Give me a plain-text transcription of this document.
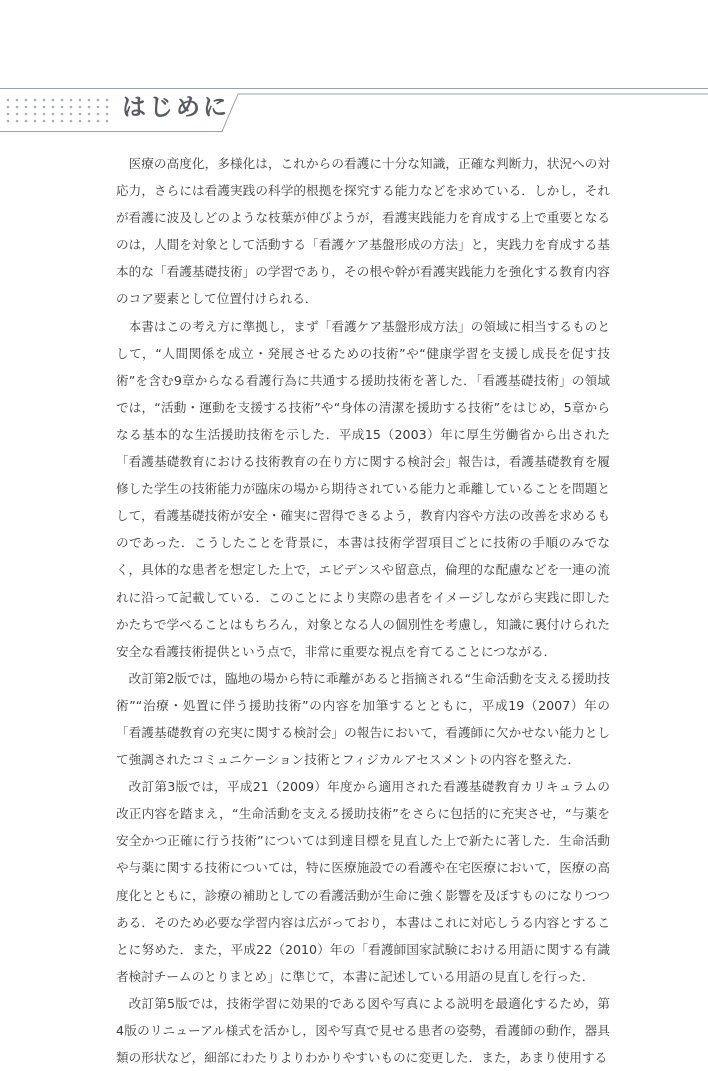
はじめに

医療の高度化，多様化は，これからの看護に十分な知識，正確な判断力，状況への対応力，さらには看護実践の科学的根拠を探究する能力などを求めている．しかし，それが看護に波及しどのような枝葉が伸びようが，看護実践能力を育成する上で重要となるのは，人間を対象として活動する「看護ケア基盤形成の方法」と，実践力を育成する基本的な「看護基礎技術」の学習であり，その根や幹が看護実践能力を強化する教育内容のコア要素として位置付けられる．

本書はこの考え方に準拠し，まず「看護ケア基盤形成方法」の領域に相当するものとして，“人間関係を成立・発展させるための技術”や“健康学習を支援し成長を促す技術”を含む9章からなる看護行為に共通する援助技術を著した．「看護基礎技術」の領域では，“活動・運動を支援する技術”や“身体の清潔を援助する技術”をはじめ，5章からなる基本的な生活援助技術を示した．平成15（2003）年に厚生労働省から出された「看護基礎教育における技術教育の在り方に関する検討会」報告は，看護基礎教育を履修した学生の技術能力が臨床の場から期待されている能力と乖離していることを問題として，看護基礎技術が安全・確実に習得できるよう，教育内容や方法の改善を求めるものであった．こうしたことを背景に，本書は技術学習項目ごとに技術の手順のみでなく，具体的な患者を想定した上で，エビデンスや留意点，倫理的な配慮などを一連の流れに沿って記載している．このことにより実際の患者をイメージしながら実践に即したかたちで学べることはもちろん，対象となる人の個別性を考慮し，知識に裏付けられた安全な看護技術提供という点で，非常に重要な視点を育てることにつながる．

改訂第2版では，臨地の場から特に乖離があると指摘される“生命活動を支える援助技術”“治療・処置に伴う援助技術”の内容を加筆するとともに，平成19（2007）年の「看護基礎教育の充実に関する検討会」の報告において，看護師に欠かせない能力として強調されたコミュニケーション技術とフィジカルアセスメントの内容を整えた．

改訂第3版では，平成21（2009）年度から適用された看護基礎教育カリキュラムの改正内容を踏まえ，“生命活動を支える援助技術”をさらに包括的に充実させ，“与薬を安全かつ正確に行う技術”については到達目標を見直した上で新たに著した．生命活動や与薬に関する技術については，特に医療施設での看護や在宅医療において，医療の高度化とともに，診療の補助としての看護活動が生命に強く影響を及ぼすものになりつつある．そのため必要な学習内容は広がっており，本書はこれに対応しうる内容とすることに努めた．また，平成22（2010）年の「看護師国家試験における用語に関する有識者検討チームのとりまとめ」に準じて，本書に記述している用語の見直しを行った．

改訂第5版では，技術学習に効果的である図や写真による説明を最適化するため，第4版のリニューアル様式を活かし，図や写真で見せる患者の姿勢，看護師の動作，器具類の形状など，細部にわたりよりわかりやすいものに変更した．また，あまり使用する
